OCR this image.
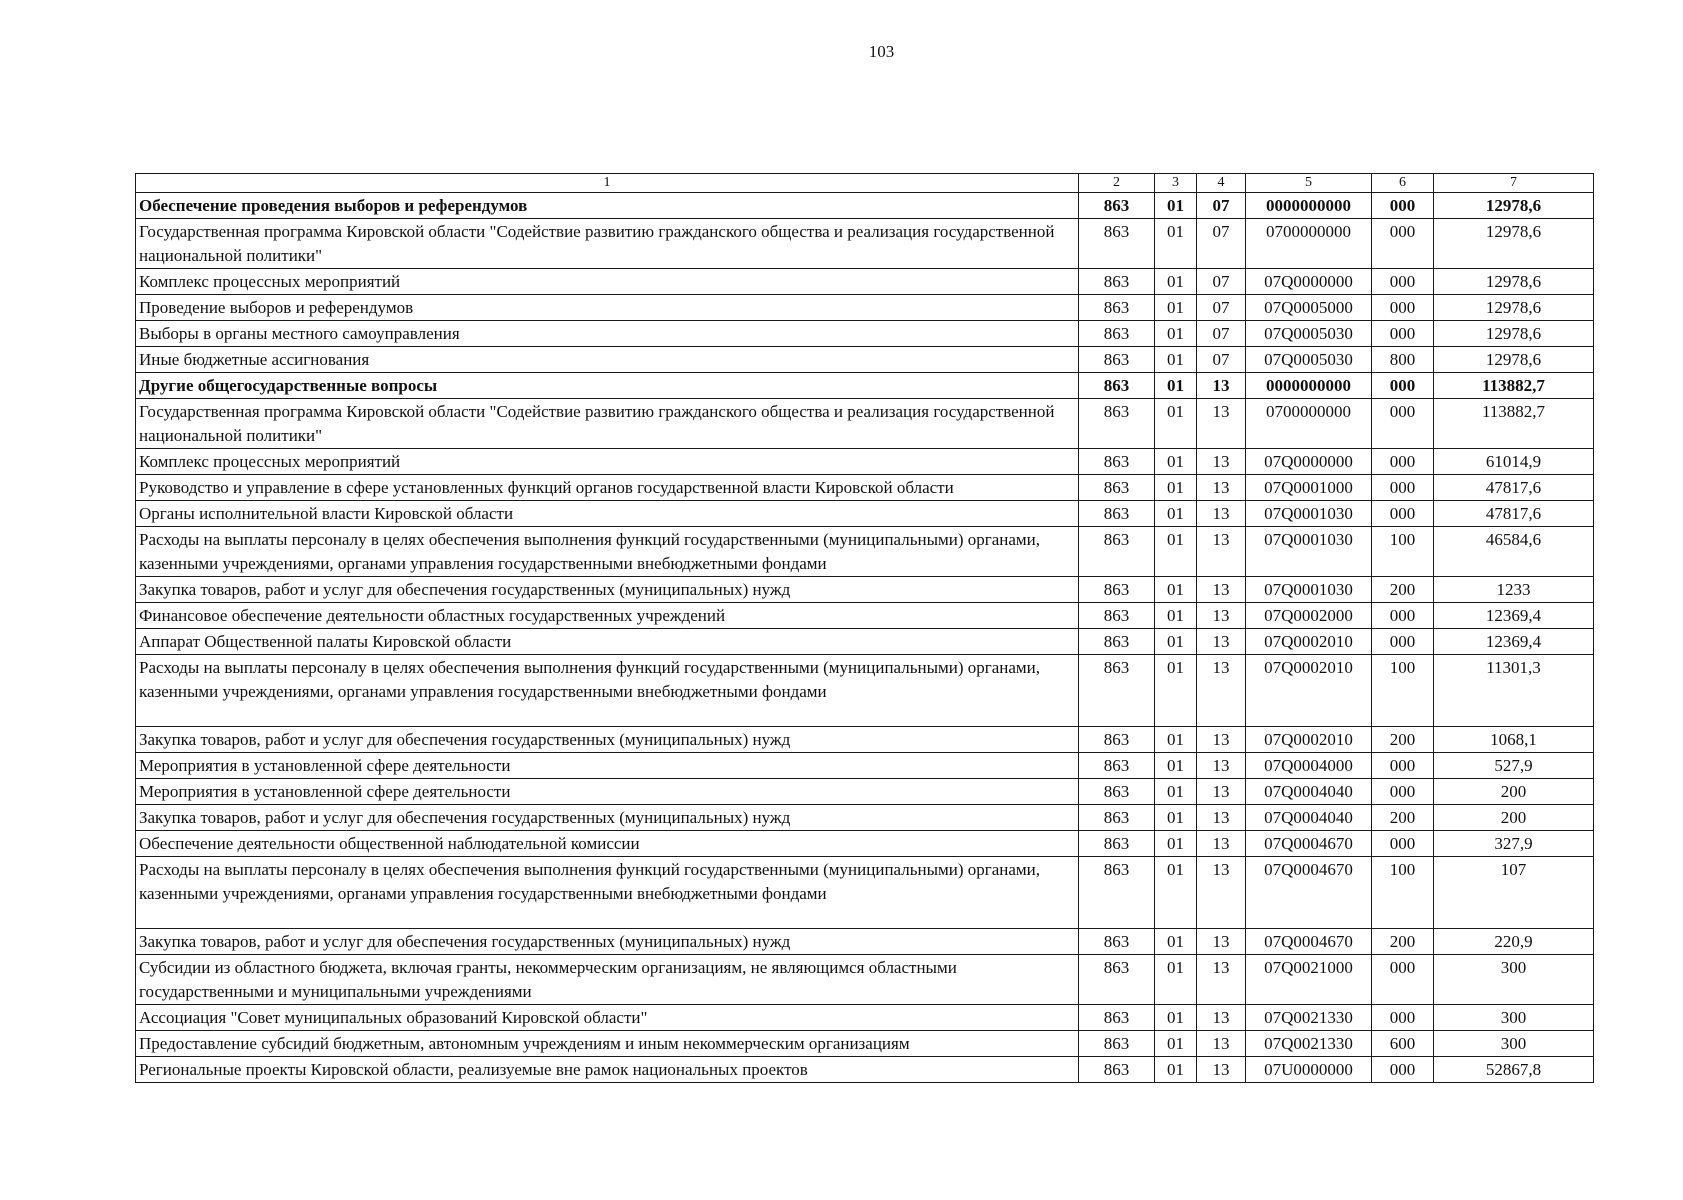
103
1	2	3	4	5	6	7
Обеспечение проведения выборов и референдумов	863	01	07	0000000000	000	12978,6
Государственная программа Кировской области "Содействие развитию гражданского общества и реализация государственной национальной политики"	863	01	07	0700000000	000	12978,6
Комплекс процессных мероприятий	863	01	07	07Q0000000	000	12978,6
Проведение выборов и референдумов	863	01	07	07Q0005000	000	12978,6
Выборы в органы местного самоуправления	863	01	07	07Q0005030	000	12978,6
Иные бюджетные ассигнования	863	01	07	07Q0005030	800	12978,6
Другие общегосударственные вопросы	863	01	13	0000000000	000	113882,7
Государственная программа Кировской области "Содействие развитию гражданского общества и реализация государственной национальной политики"	863	01	13	0700000000	000	113882,7
Комплекс процессных мероприятий	863	01	13	07Q0000000	000	61014,9
Руководство и управление в сфере установленных функций органов государственной власти Кировской области	863	01	13	07Q0001000	000	47817,6
Органы исполнительной власти Кировской области	863	01	13	07Q0001030	000	47817,6
Расходы на выплаты персоналу в целях обеспечения выполнения функций государственными (муниципальными) органами, казенными учреждениями, органами управления государственными внебюджетными фондами	863	01	13	07Q0001030	100	46584,6
Закупка товаров, работ и услуг для обеспечения государственных (муниципальных) нужд	863	01	13	07Q0001030	200	1233
Финансовое обеспечение деятельности областных государственных учреждений	863	01	13	07Q0002000	000	12369,4
Аппарат Общественной палаты Кировской области	863	01	13	07Q0002010	000	12369,4
Расходы на выплаты персоналу в целях обеспечения выполнения функций государственными (муниципальными) органами, казенными учреждениями, органами управления государственными внебюджетными фондами	863	01	13	07Q0002010	100	11301,3
Закупка товаров, работ и услуг для обеспечения государственных (муниципальных) нужд	863	01	13	07Q0002010	200	1068,1
Мероприятия в установленной сфере деятельности	863	01	13	07Q0004000	000	527,9
Мероприятия в установленной сфере деятельности	863	01	13	07Q0004040	000	200
Закупка товаров, работ и услуг для обеспечения государственных (муниципальных) нужд	863	01	13	07Q0004040	200	200
Обеспечение деятельности общественной наблюдательной комиссии	863	01	13	07Q0004670	000	327,9
Расходы на выплаты персоналу в целях обеспечения выполнения функций государственными (муниципальными) органами, казенными учреждениями, органами управления государственными внебюджетными фондами	863	01	13	07Q0004670	100	107
Закупка товаров, работ и услуг для обеспечения государственных (муниципальных) нужд	863	01	13	07Q0004670	200	220,9
Субсидии из областного бюджета, включая гранты, некоммерческим организациям, не являющимся областными государственными и муниципальными учреждениями	863	01	13	07Q0021000	000	300
Ассоциация "Совет муниципальных образований Кировской области"	863	01	13	07Q0021330	000	300
Предоставление субсидий бюджетным, автономным учреждениям и иным некоммерческим организациям	863	01	13	07Q0021330	600	300
Региональные проекты Кировской области, реализуемые вне рамок национальных проектов	863	01	13	07U0000000	000	52867,8
